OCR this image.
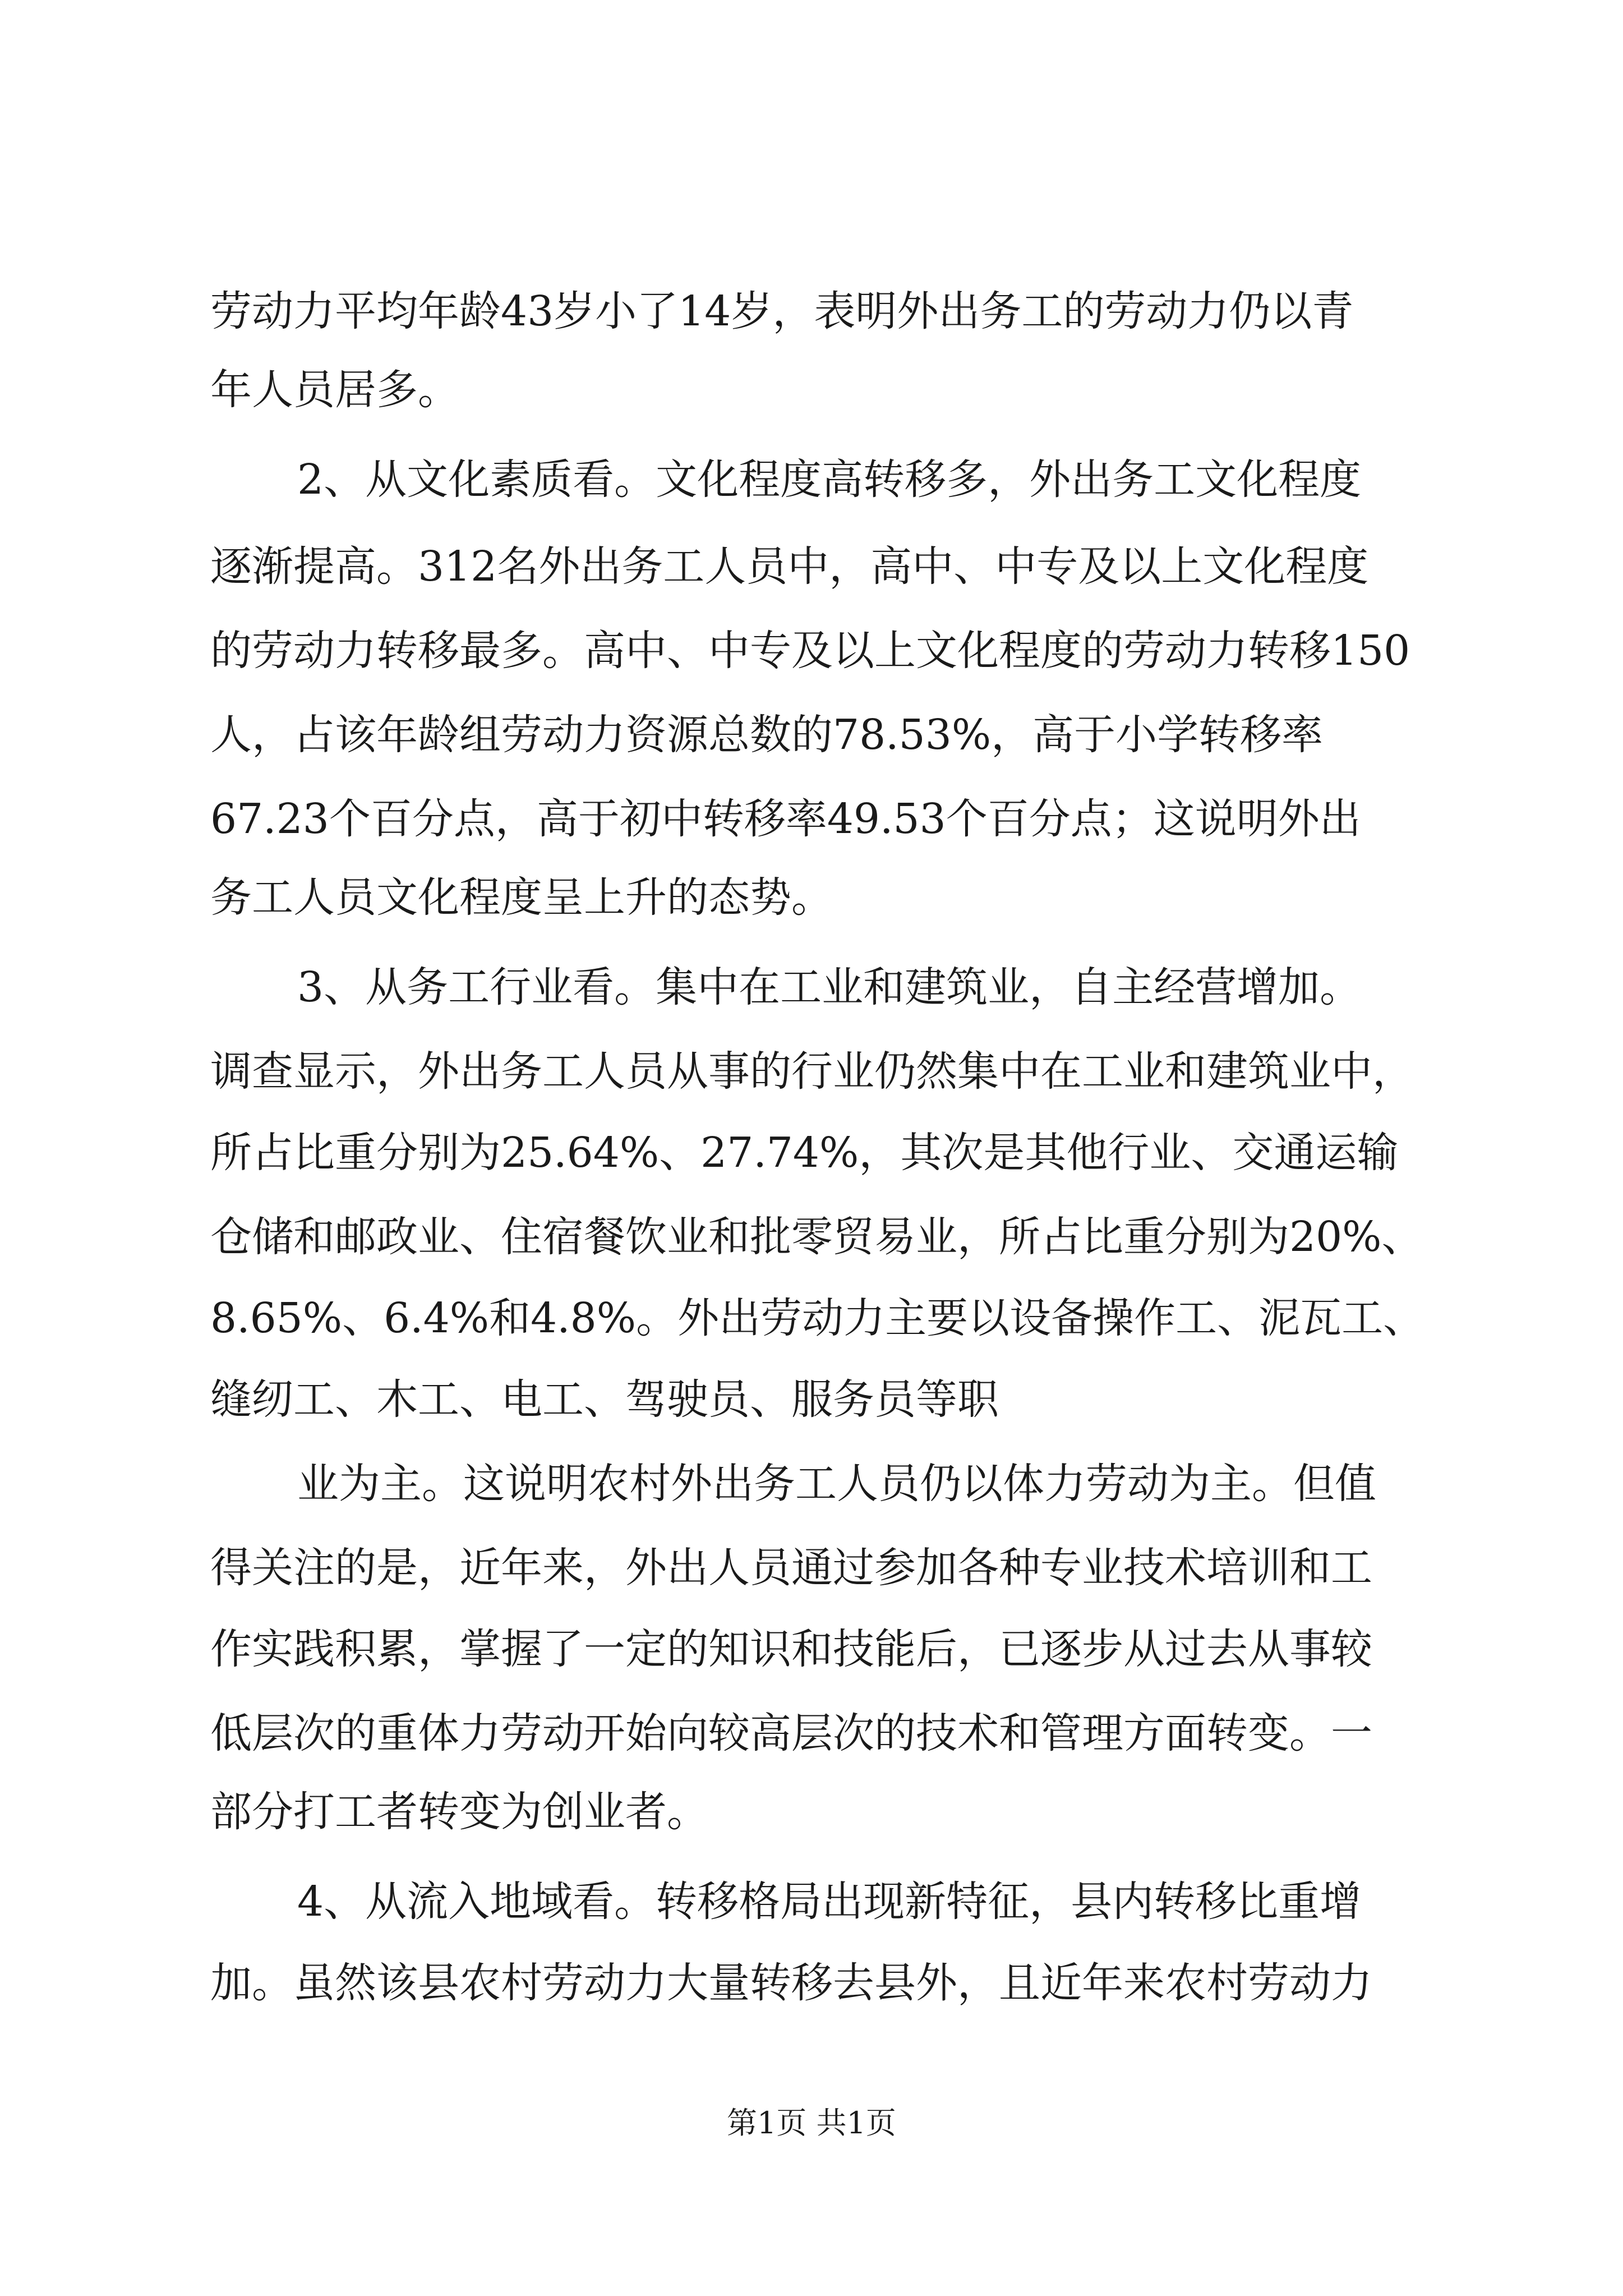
劳动力平均年龄43岁小了14岁，表明外出务工的劳动力仍以青
年人员居多。
2、从文化素质看。文化程度高转移多，外出务工文化程度
逐渐提高。312名外出务工人员中，高中、中专及以上文化程度
的劳动力转移最多。高中、中专及以上文化程度的劳动力转移150
人，占该年龄组劳动力资源总数的78.53%，高于小学转移率
67.23个百分点，高于初中转移率49.53个百分点；这说明外出
务工人员文化程度呈上升的态势。
3、从务工行业看。集中在工业和建筑业，自主经营增加。
调查显示，外出务工人员从事的行业仍然集中在工业和建筑业中，
所占比重分别为25.64%、27.74%，其次是其他行业、交通运输
仓储和邮政业、住宿餐饮业和批零贸易业，所占比重分别为20%、
8.65%、6.4%和4.8%。外出劳动力主要以设备操作工、泥瓦工、
缝纫工、木工、电工、驾驶员、服务员等职
业为主。这说明农村外出务工人员仍以体力劳动为主。但值
得关注的是，近年来，外出人员通过参加各种专业技术培训和工
作实践积累，掌握了一定的知识和技能后，已逐步从过去从事较
低层次的重体力劳动开始向较高层次的技术和管理方面转变。一
部分打工者转变为创业者。
4、从流入地域看。转移格局出现新特征，县内转移比重增
加。虽然该县农村劳动力大量转移去县外，且近年来农村劳动力
第1页 共1页
